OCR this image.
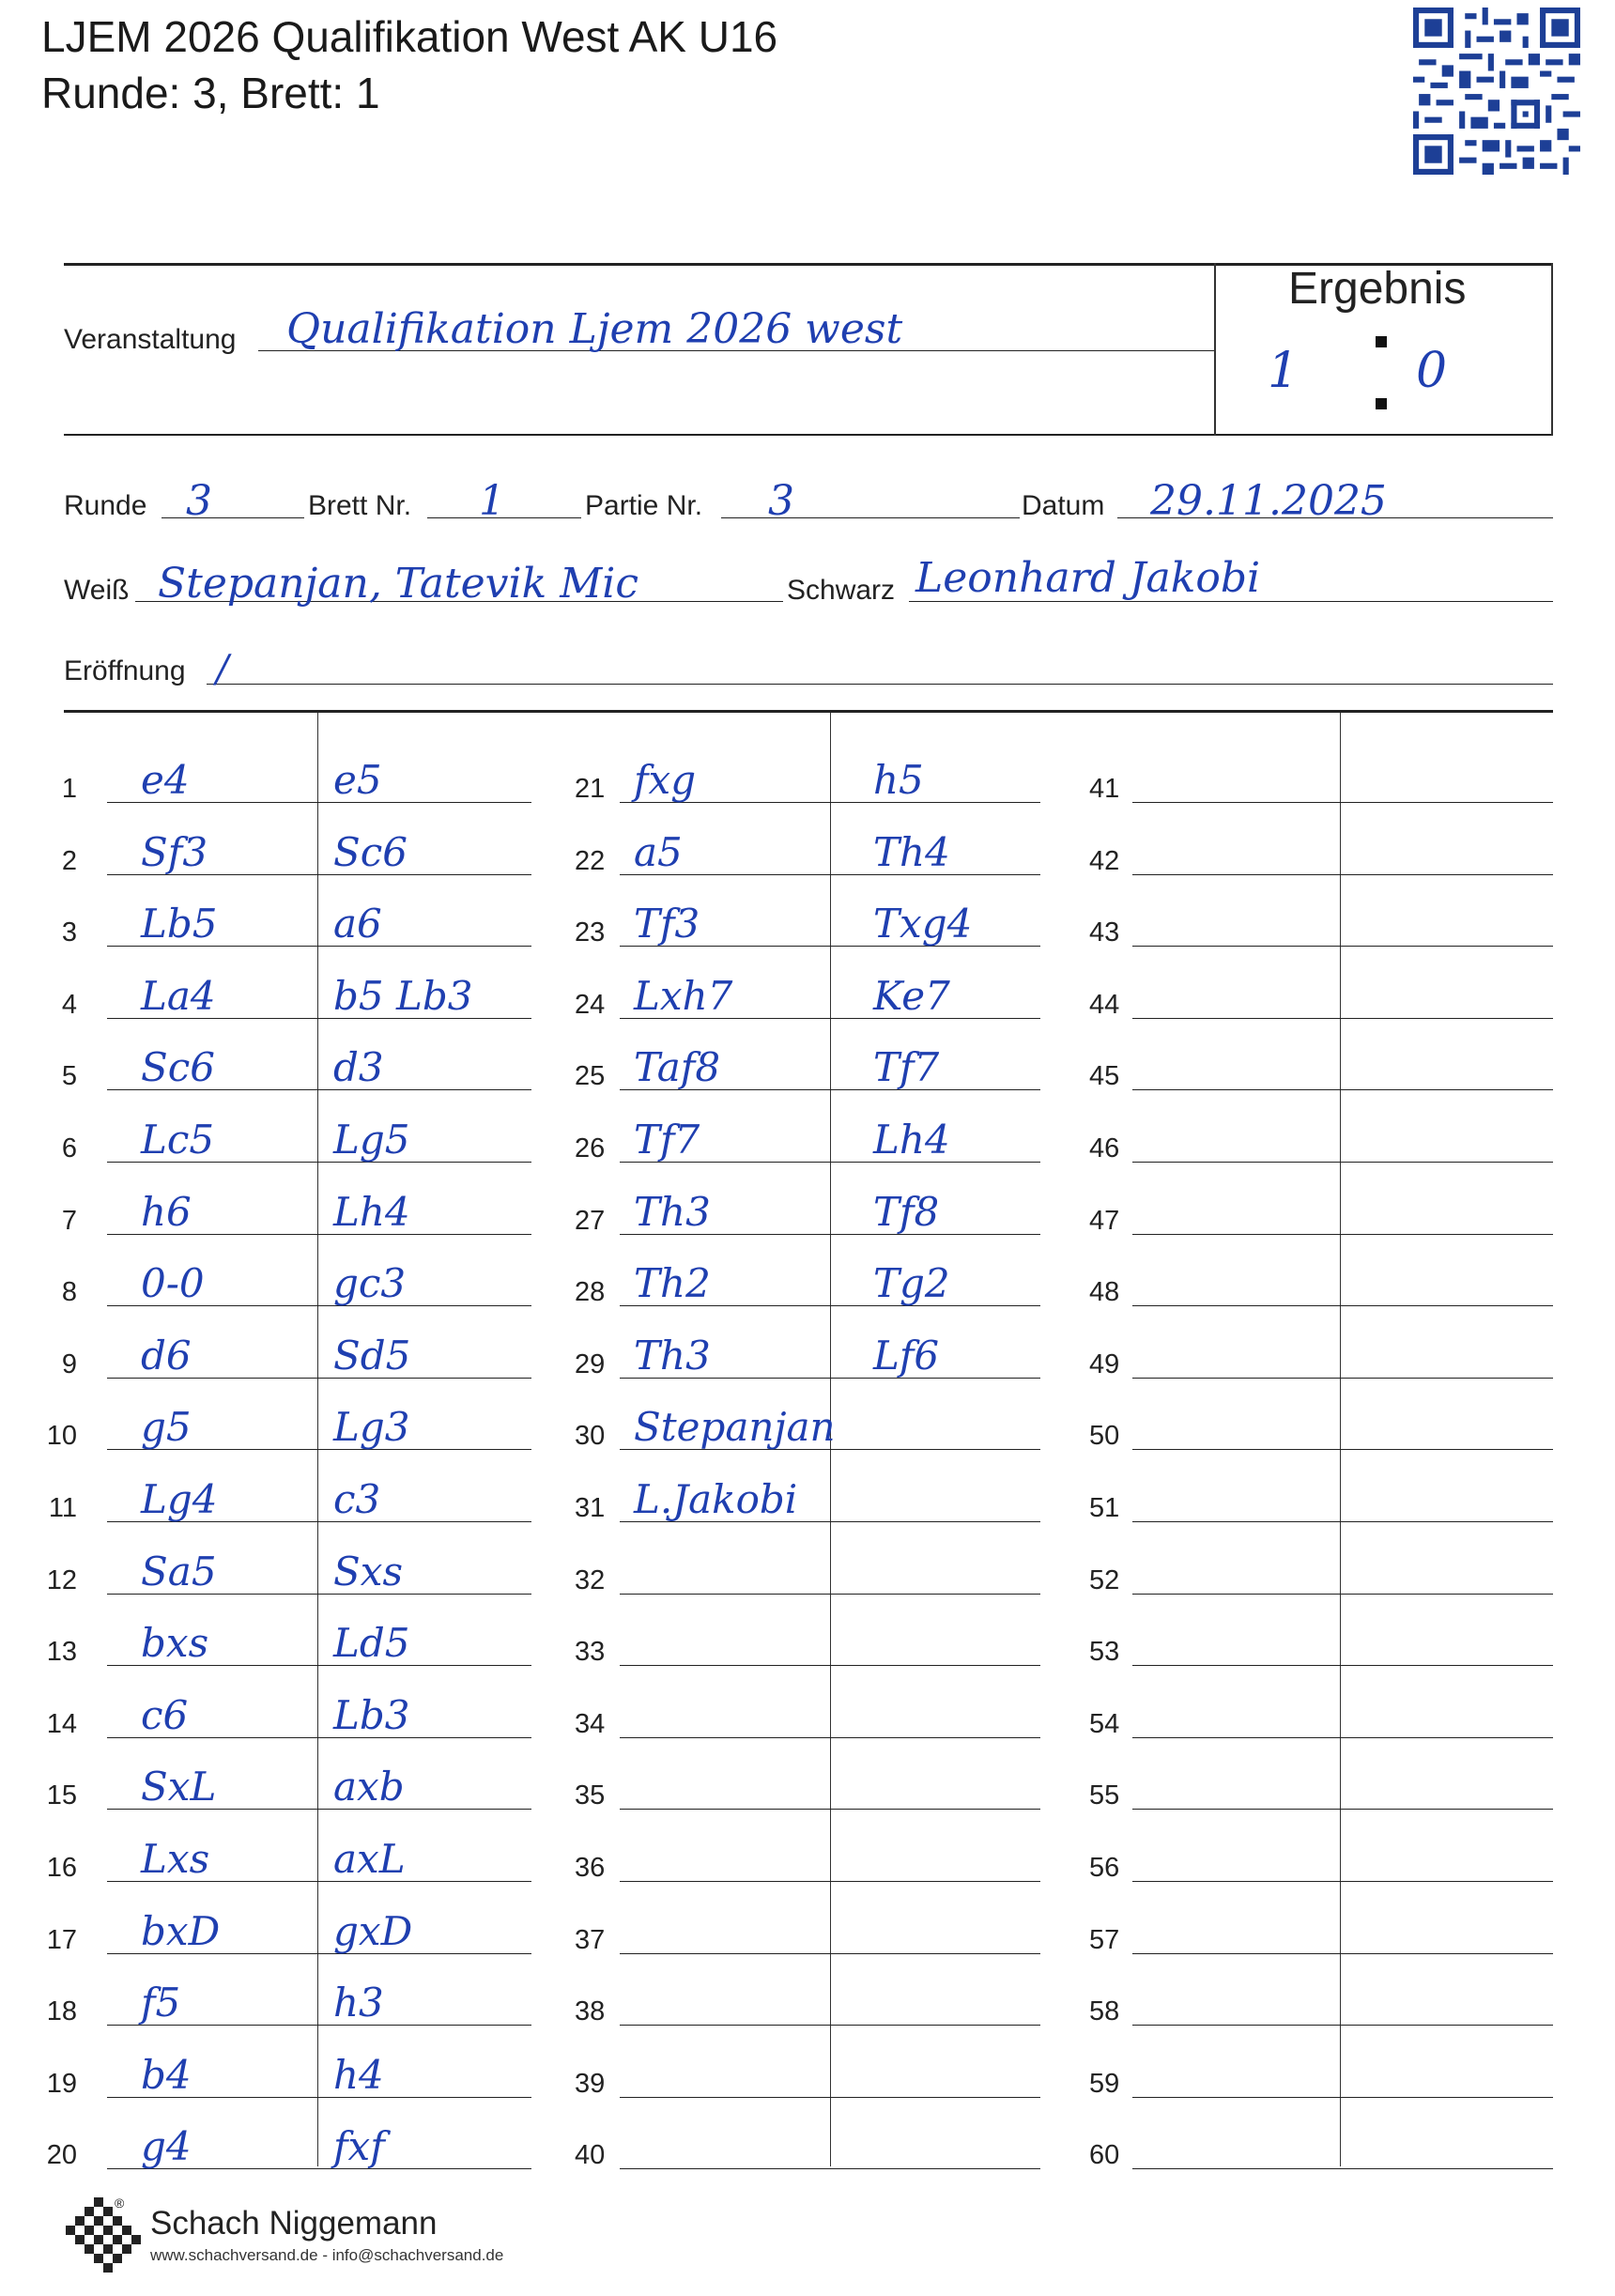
LJEM 2026 Qualifikation West AK U16
Runde: 3, Brett: 1
Veranstaltung Qualifikation Ljem 2026 west
Ergebnis
1 0
Runde 3	Brett Nr. 1	Partie Nr. 3	Datum 29.11.2025
Weiß Stepanjan, Tatevik Mic	Schwarz Leonhard Jakobi
Eröffnung /
1 e4	e5
2 Sf3	Sc6
3 Lb5	a6
4 La4	b5 Lb3
5 Sc6	d3
6 Lc5	Lg5
7 h6	Lh4
8 0-0	gc3
9 d6	Sd5
10 g5	Lg3
11 Lg4	c3
12 Sa5	Sxs
13 bxs	Ld5
14 c6	Lb3
15 SxL	axb
16 Lxs	axL
17 bxD	gxD
18 f5	h3
19 b4	h4
20 g4	fxf
21 fxg	h5
22 a5	Th4
23 Tf3	Txg4
24 Lxh7	Ke7
25 Taf8	Tf7
26 Tf7	Lh4
27 Th3	Tf8
28 Th2	Tg2
29 Th3	Lf6
30 Stepanjan
31 L.Jakobi
32
33
34
35
36
37
38
39
40
41
42
43
44
45
46
47
48
49
50
51
52
53
54
55
56
57
58
59
60
Schach Niggemann
®
www.schachversand.de - info@schachversand.de
